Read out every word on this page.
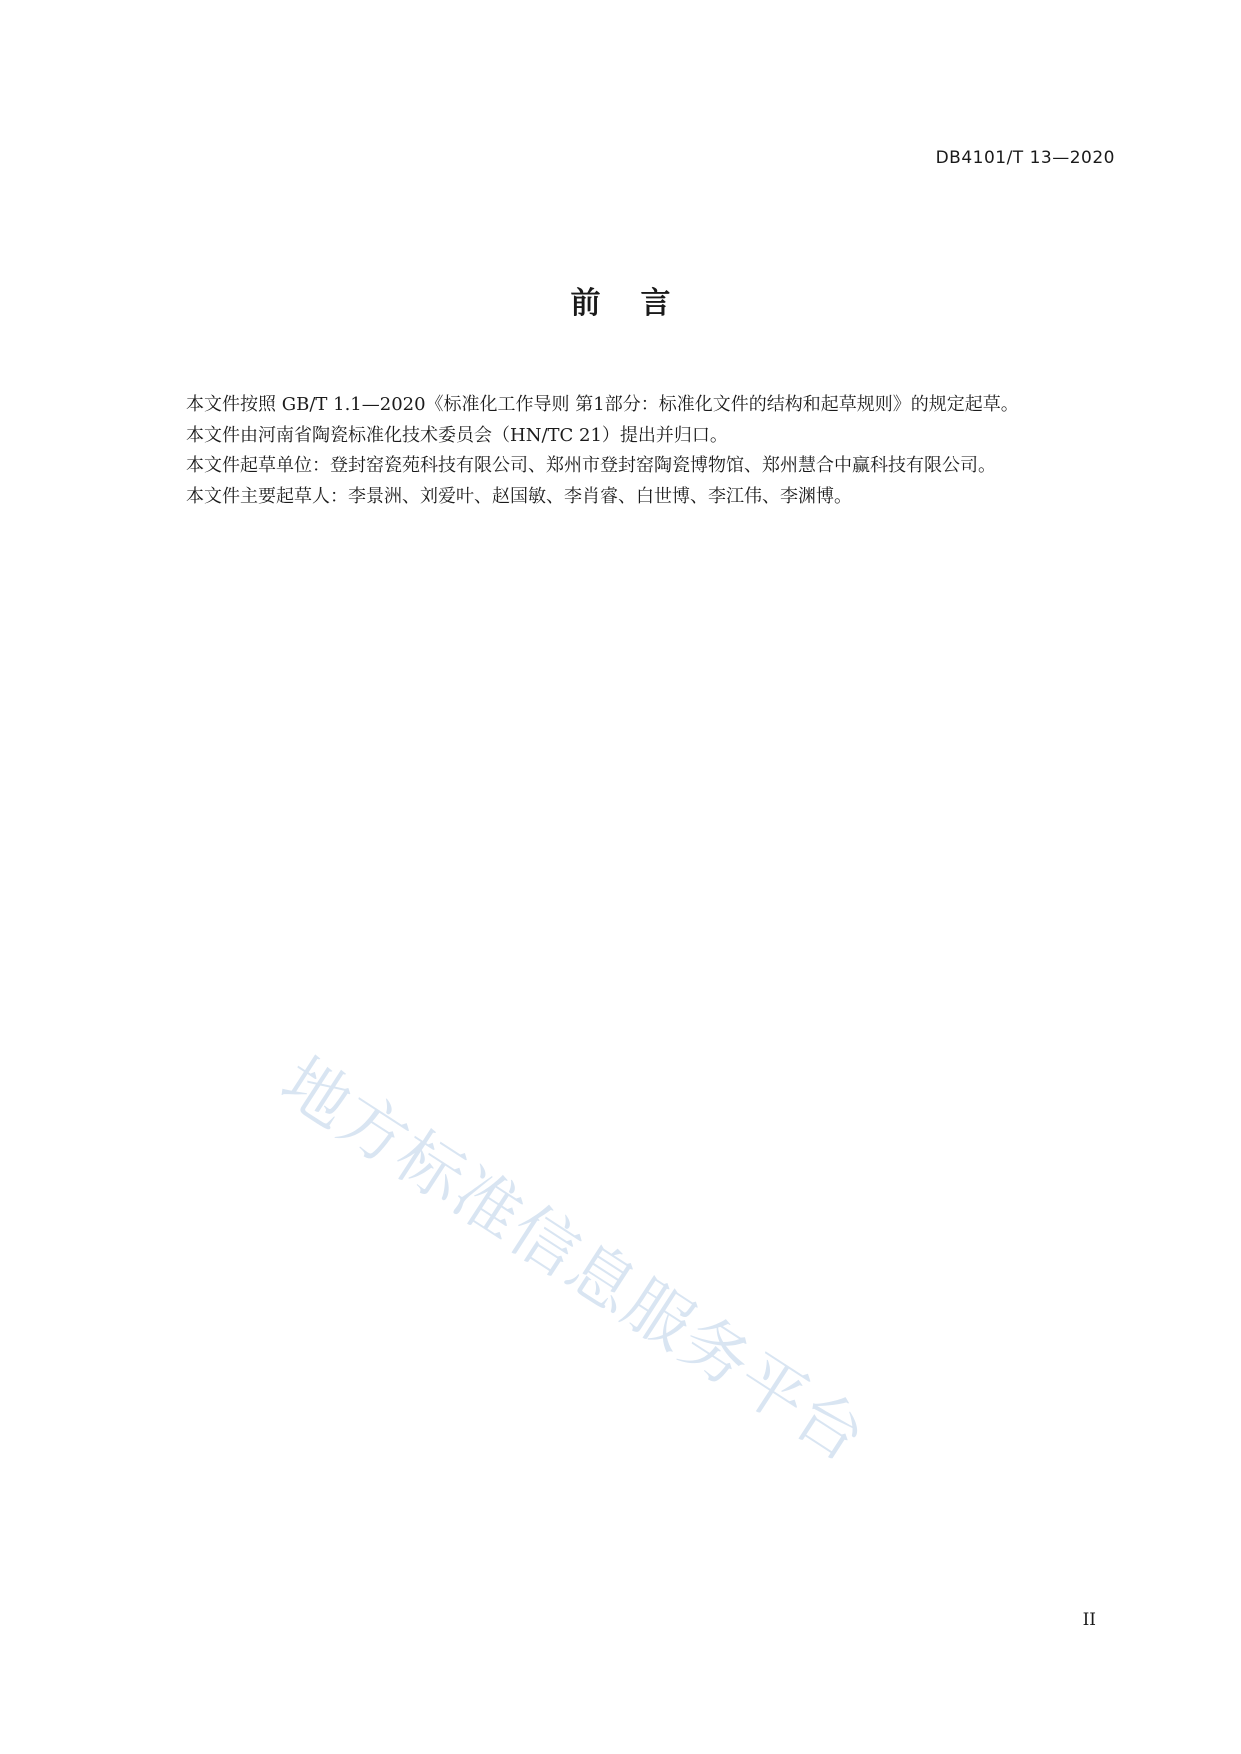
DB4101/T 13—2020
前言

本文件按照 GB/T 1.1—2020《标准化工作导则 第1部分：标准化文件的结构和起草规则》的规定起草。

本文件由河南省陶瓷标准化技术委员会（HN/TC 21）提出并归口。

本文件起草单位：登封窑瓷苑科技有限公司、郑州市登封窑陶瓷博物馆、郑州慧合中赢科技有限公司。

本文件主要起草人：李景洲、刘爱叶、赵国敏、李肖睿、白世博、李江伟、李渊博。

地方标准信息服务平台
II
